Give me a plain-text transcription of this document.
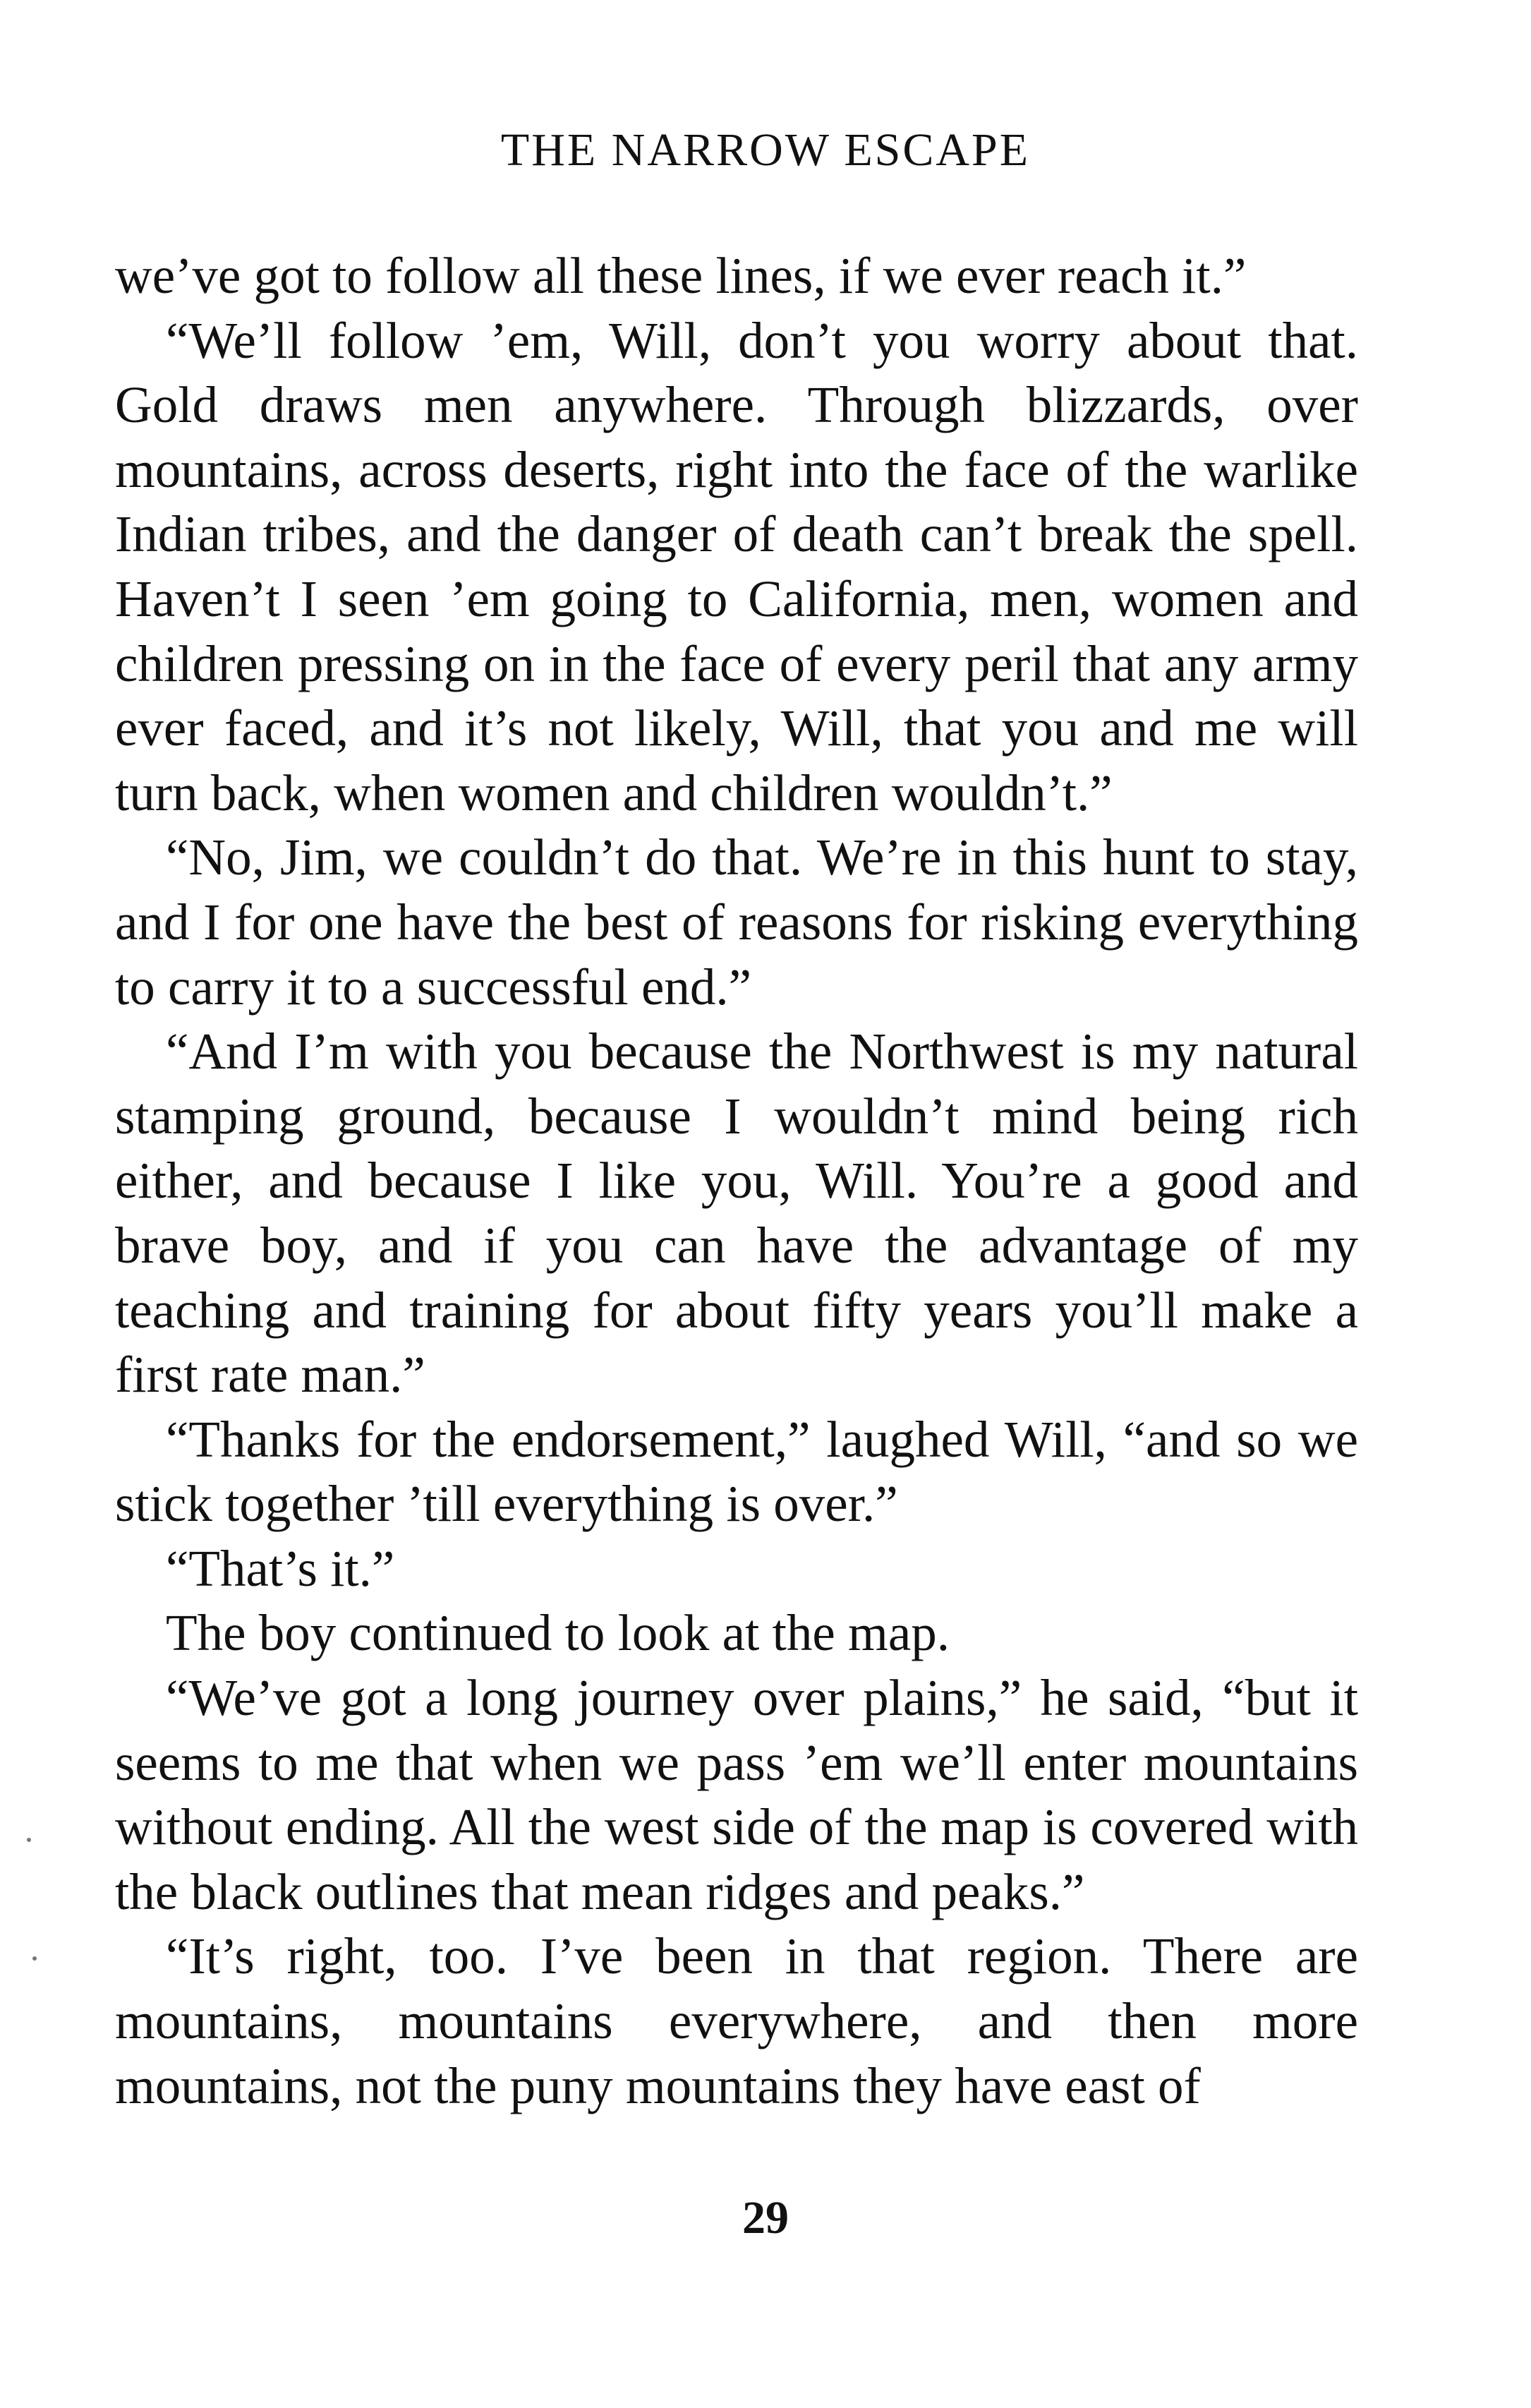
THE NARROW ESCAPE

we’ve got to follow all these lines, if we ever reach it.”

“We’ll follow ’em, Will, don’t you worry about that. Gold draws men anywhere. Through blizzards, over mountains, across deserts, right into the face of the warlike Indian tribes, and the danger of death can’t break the spell. Haven’t I seen ’em going to California, men, women and children pressing on in the face of every peril that any army ever faced, and it’s not likely, Will, that you and me will turn back, when women and children wouldn’t.”

“No, Jim, we couldn’t do that. We’re in this hunt to stay, and I for one have the best of reasons for risking everything to carry it to a successful end.”

“And I’m with you because the Northwest is my natural stamping ground, because I wouldn’t mind being rich either, and because I like you, Will. You’re a good and brave boy, and if you can have the advantage of my teaching and training for about fifty years you’ll make a first rate man.”

“Thanks for the endorsement,” laughed Will, “and so we stick together ’till everything is over.”

“That’s it.”

The boy continued to look at the map.

“We’ve got a long journey over plains,” he said, “but it seems to me that when we pass ’em we’ll enter mountains without ending. All the west side of the map is covered with the black outlines that mean ridges and peaks.”

“It’s right, too. I’ve been in that region. There are mountains, mountains everywhere, and then more mountains, not the puny mountains they have east of

29
